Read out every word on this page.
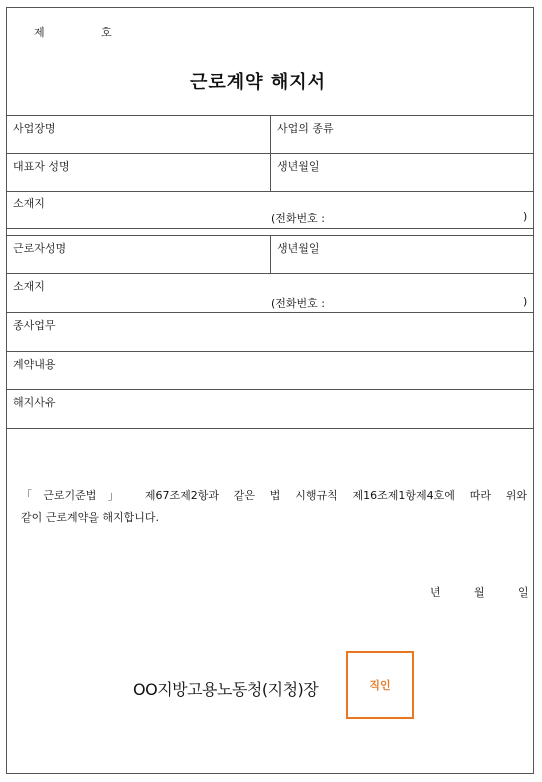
제	호
근로계약 해지서
사업장명	사업의 종류
대표자 성명	생년월일
소재지
(전화번호 :	)
근로자성명	생년월일
소재지
(전화번호 :	)
종사업무
계약내용
해지사유
「근로기준법」 제67조제2항과 같은 법 시행규칙 제16조제1항제4호에 따라 위와
같이 근로계약을 해지합니다.
년	월	일
OO지방고용노동청(지청)장	직인
